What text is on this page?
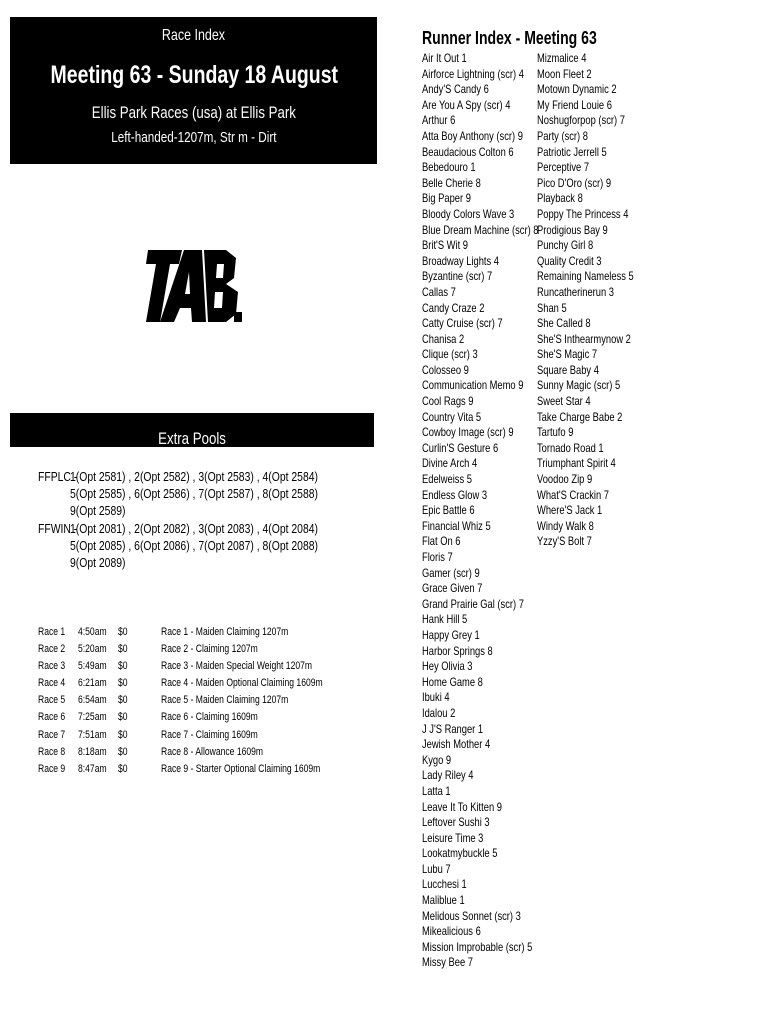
Race Index
Meeting 63 - Sunday 18 August
Ellis Park Races (usa) at Ellis Park
Left-handed-1207m, Str m - Dirt
Extra Pools
FFPLC -
1(Opt 2581) , 2(Opt 2582) , 3(Opt 2583) , 4(Opt 2584)
5(Opt 2585) , 6(Opt 2586) , 7(Opt 2587) , 8(Opt 2588)
9(Opt 2589)
FFWIN -
1(Opt 2081) , 2(Opt 2082) , 3(Opt 2083) , 4(Opt 2084)
5(Opt 2085) , 6(Opt 2086) , 7(Opt 2087) , 8(Opt 2088)
9(Opt 2089)
Race 1 4:50am $0	Race 1 - Maiden Claiming 1207m
Race 2 5:20am $0	Race 2 - Claiming 1207m
Race 3 5:49am $0	Race 3 - Maiden Special Weight 1207m
Race 4 6:21am $0	Race 4 - Maiden Optional Claiming 1609m
Race 5 6:54am $0	Race 5 - Maiden Claiming 1207m
Race 6 7:25am $0	Race 6 - Claiming 1609m
Race 7 7:51am $0	Race 7 - Claiming 1609m
Race 8 8:18am $0	Race 8 - Allowance 1609m
Race 9 8:47am $0	Race 9 - Starter Optional Claiming 1609m
Runner Index - Meeting 63
Air It Out 1
Airforce Lightning (scr) 4
Andy'S Candy 6
Are You A Spy (scr) 4
Arthur 6
Atta Boy Anthony (scr) 9
Beaudacious Colton 6
Bebedouro 1
Belle Cherie 8
Big Paper 9
Bloody Colors Wave 3
Blue Dream Machine (scr) 8
Brit'S Wit 9
Broadway Lights 4
Byzantine (scr) 7
Callas 7
Candy Craze 2
Catty Cruise (scr) 7
Chanisa 2
Clique (scr) 3
Colosseo 9
Communication Memo 9
Cool Rags 9
Country Vita 5
Cowboy Image (scr) 9
Curlin'S Gesture 6
Divine Arch 4
Edelweiss 5
Endless Glow 3
Epic Battle 6
Financial Whiz 5
Flat On 6
Floris 7
Gamer (scr) 9
Grace Given 7
Grand Prairie Gal (scr) 7
Hank Hill 5
Happy Grey 1
Harbor Springs 8
Hey Olivia 3
Home Game 8
Ibuki 4
Idalou 2
J J'S Ranger 1
Jewish Mother 4
Kygo 9
Lady Riley 4
Latta 1
Leave It To Kitten 9
Leftover Sushi 3
Leisure Time 3
Lookatmybuckle 5
Lubu 7
Lucchesi 1
Maliblue 1
Melidous Sonnet (scr) 3
Mikealicious 6
Mission Improbable (scr) 5
Missy Bee 7
Mizmalice 4
Moon Fleet 2
Motown Dynamic 2
My Friend Louie 6
Noshugforpop (scr) 7
Party (scr) 8
Patriotic Jerrell 5
Perceptive 7
Pico D'Oro (scr) 9
Playback 8
Poppy The Princess 4
Prodigious Bay 9
Punchy Girl 8
Quality Credit 3
Remaining Nameless 5
Runcatherinerun 3
Shan 5
She Called 8
She'S Inthearmynow 2
She'S Magic 7
Square Baby 4
Sunny Magic (scr) 5
Sweet Star 4
Take Charge Babe 2
Tartufo 9
Tornado Road 1
Triumphant Spirit 4
Voodoo Zip 9
What'S Crackin 7
Where'S Jack 1
Windy Walk 8
Yzzy'S Bolt 7
